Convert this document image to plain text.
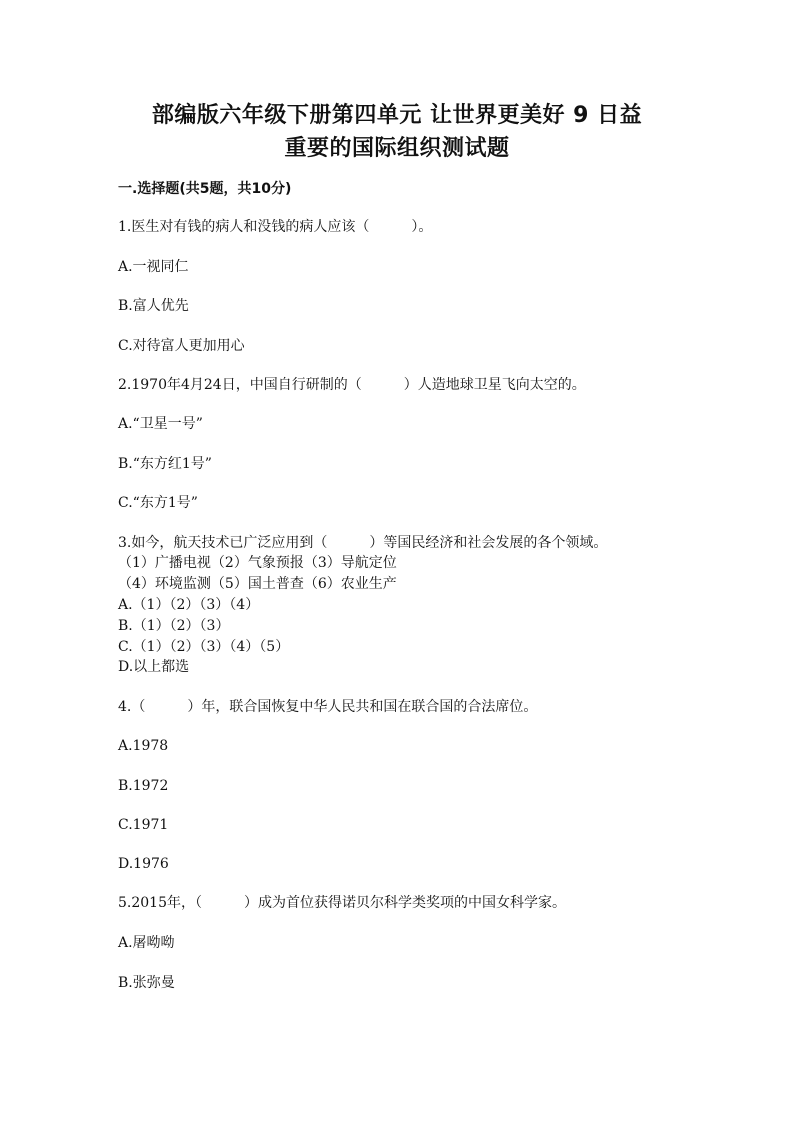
部编版六年级下册第四单元 让世界更美好 9 日益
重要的国际组织测试题
一.选择题(共5题，共10分)
1.医生对有钱的病人和没钱的病人应该（　　　）。
A.一视同仁
B.富人优先
C.对待富人更加用心
2.1970年4月24日，中国自行研制的（　　　）人造地球卫星飞向太空的。
A.“卫星一号”
B.“东方红1号”
C.“东方1号”
3.如今，航天技术已广泛应用到（　　　）等国民经济和社会发展的各个领域。
（1）广播电视（2）气象预报（3）导航定位
（4）环境监测（5）国土普查（6）农业生产
A.（1）（2）（3）（4）
B.（1）（2）（3）
C.（1）（2）（3）（4）（5）
D.以上都选
4.（　　　）年，联合国恢复中华人民共和国在联合国的合法席位。
A.1978
B.1972
C.1971
D.1976
5.2015年，（　　　）成为首位获得诺贝尔科学类奖项的中国女科学家。
A.屠呦呦
B.张弥曼
